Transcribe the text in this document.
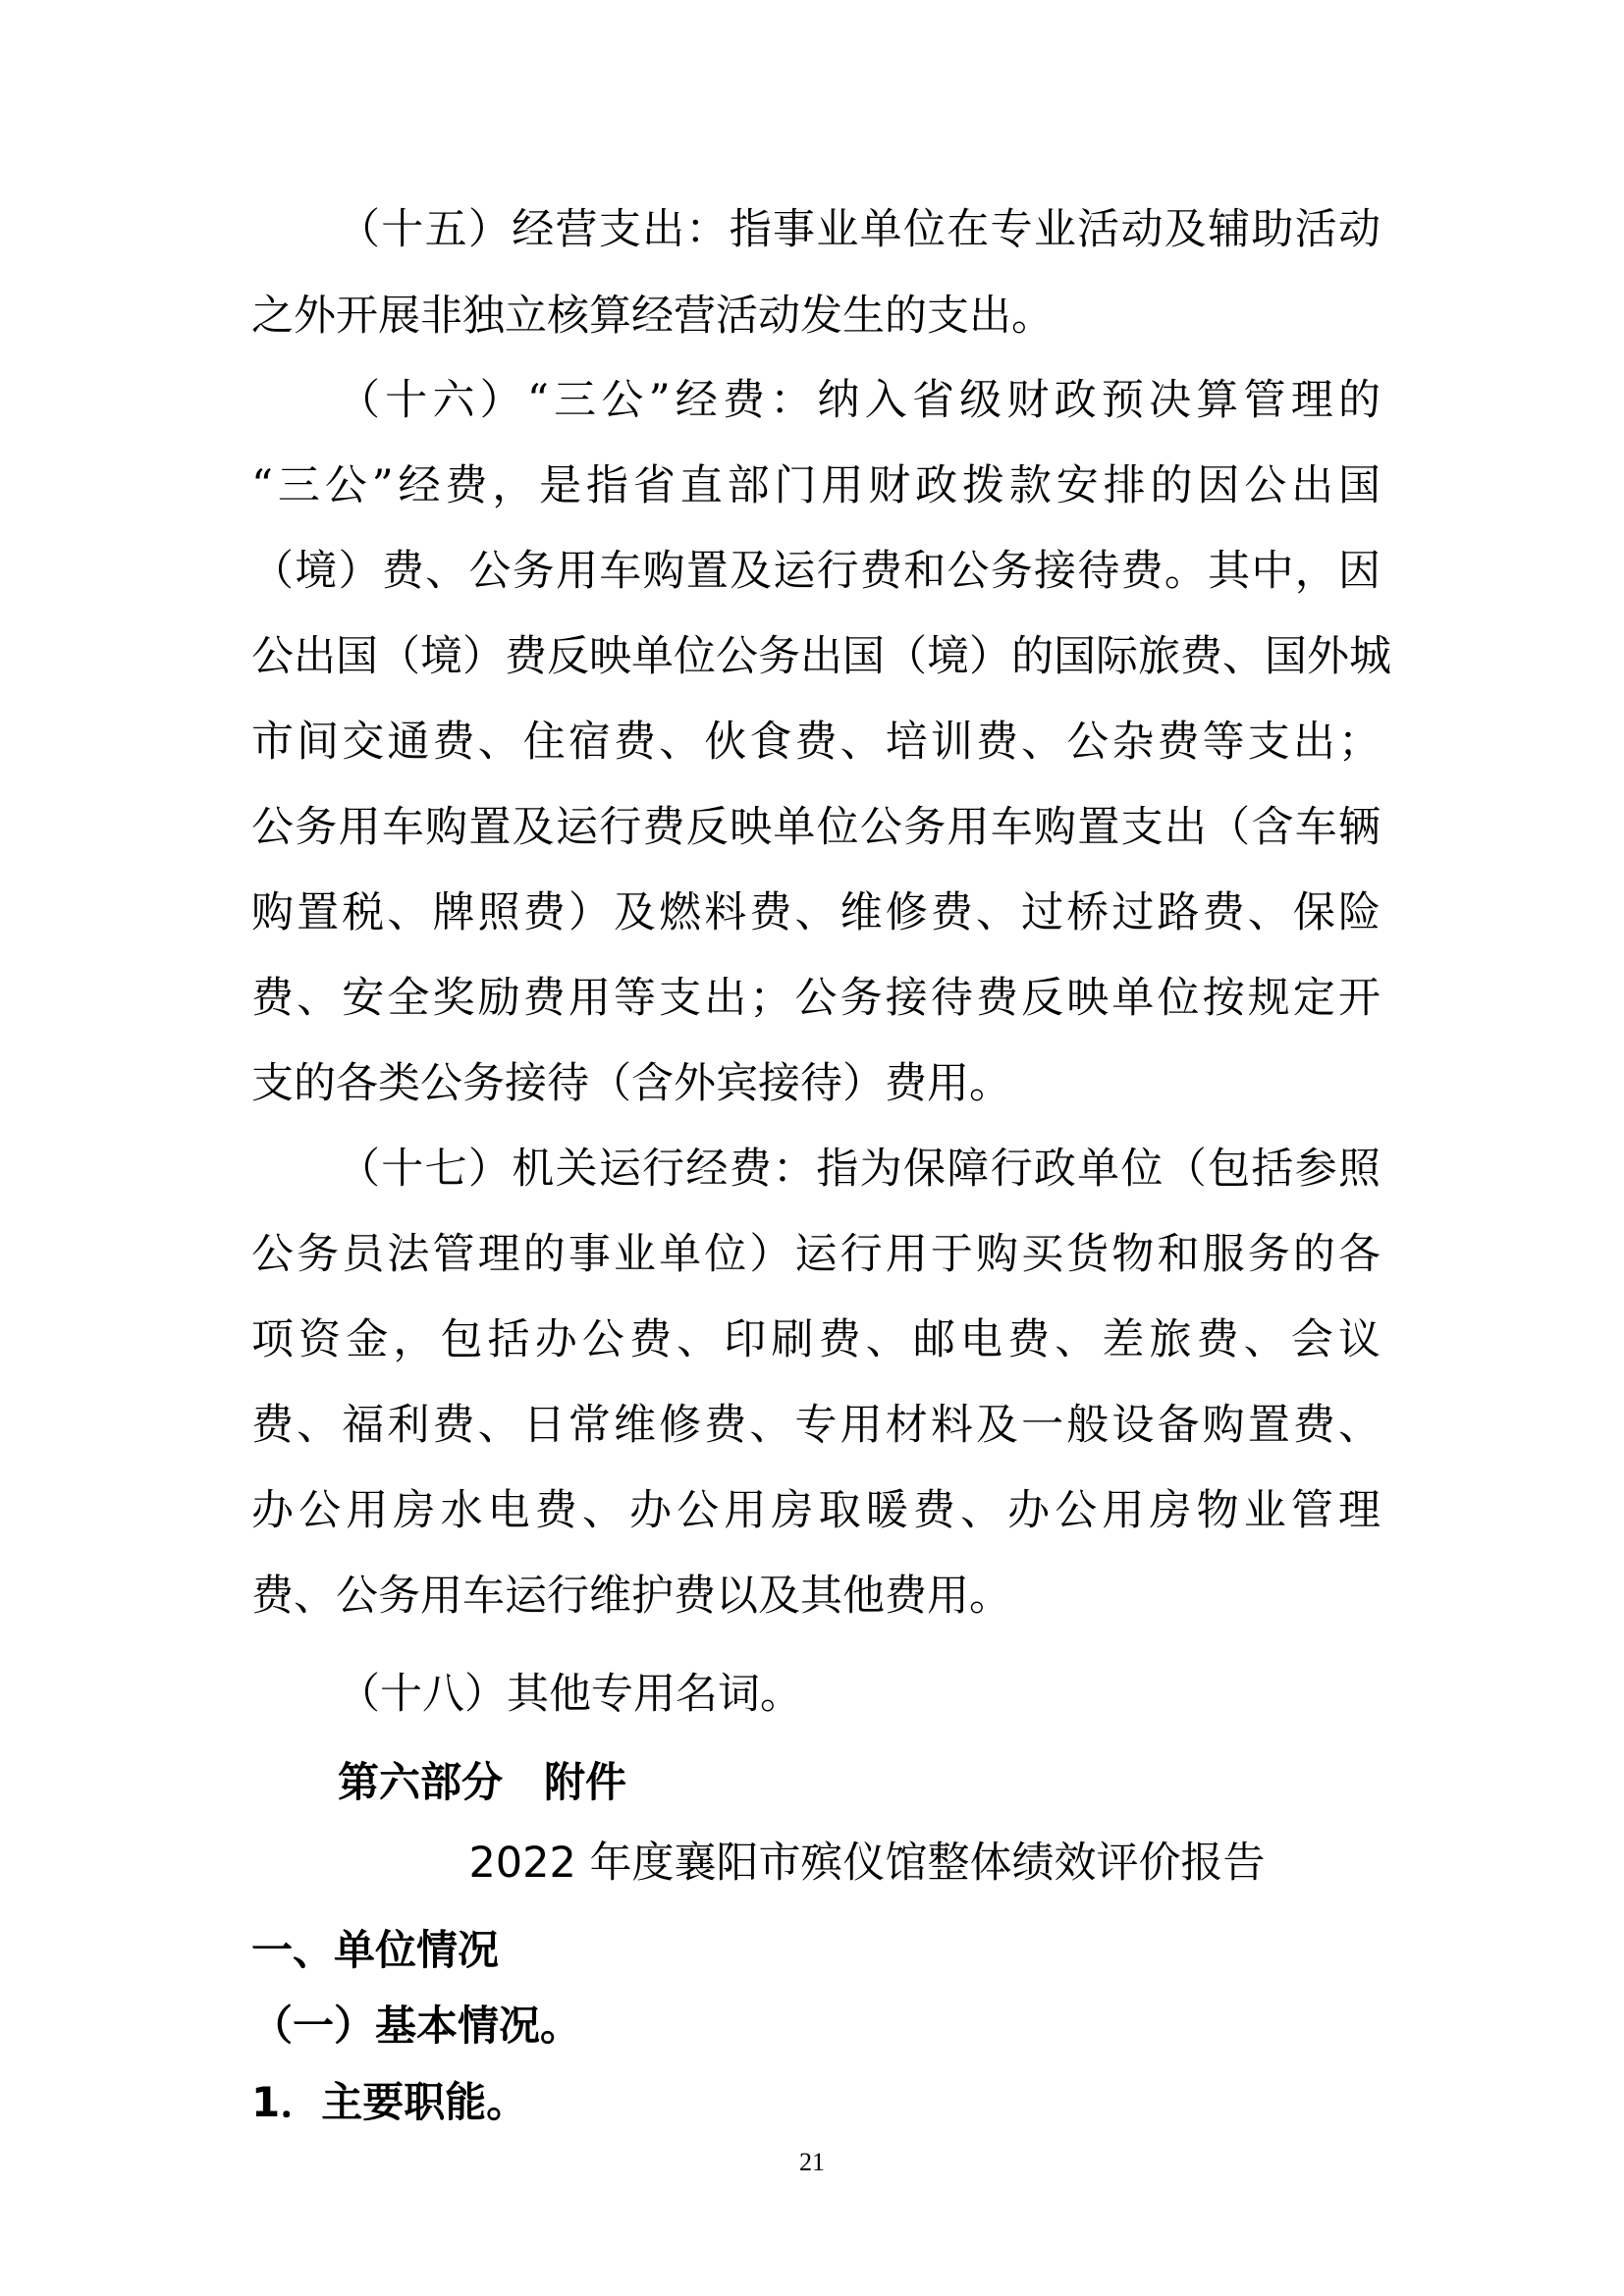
（十五）经营支出：指事业单位在专业活动及辅助活动
之外开展非独立核算经营活动发生的支出。
（十六）“三公”经费：纳入省级财政预决算管理的
“三公”经费，是指省直部门用财政拨款安排的因公出国
（境）费、公务用车购置及运行费和公务接待费。其中，因
公出国（境）费反映单位公务出国（境）的国际旅费、国外城
市间交通费、住宿费、伙食费、培训费、公杂费等支出；
公务用车购置及运行费反映单位公务用车购置支出（含车辆
购置税、牌照费）及燃料费、维修费、过桥过路费、保险
费、安全奖励费用等支出；公务接待费反映单位按规定开
支的各类公务接待（含外宾接待）费用。
（十七）机关运行经费：指为保障行政单位（包括参照
公务员法管理的事业单位）运行用于购买货物和服务的各
项资金，包括办公费、印刷费、邮电费、差旅费、会议
费、福利费、日常维修费、专用材料及一般设备购置费、
办公用房水电费、办公用房取暖费、办公用房物业管理
费、公务用车运行维护费以及其他费用。
（十八）其他专用名词。
第六部分　附件
2022 年度襄阳市殡仪馆整体绩效评价报告
一、单位情况
（一）基本情况。
1．主要职能。
21
